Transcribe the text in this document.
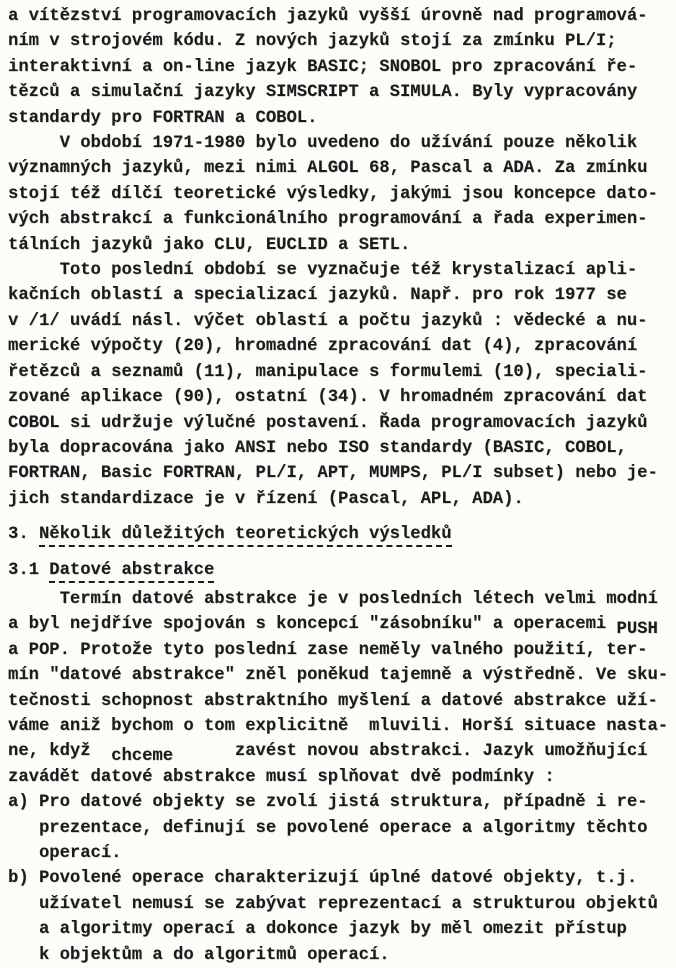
a vítězství programovacích jazyků vyšší úrovně nad programová-
ním v strojovém kódu. Z nových jazyků stojí za zmínku PL/I;
interaktivní a on-line jazyk BASIC; SNOBOL pro zpracování ře-
tězců a simulační jazyky SIMSCRIPT a SIMULA. Byly vypracovány
standardy pro FORTRAN a COBOL.
V období 1971-1980 bylo uvedeno do užívání pouze několik
významných jazyků, mezi nimi ALGOL 68, Pascal a ADA. Za zmínku
stojí též dílčí teoretické výsledky, jakými jsou koncepce dato-
vých abstrakcí a funkcionálního programování a řada experimen-
tálních jazyků jako CLU, EUCLID a SETL.
Toto poslední období se vyznačuje též krystalizací apli-
kačních oblastí a specializací jazyků. Např. pro rok 1977 se
v /1/ uvádí násl. výčet oblastí a počtu jazyků : vědecké a nu-
merické výpočty (20), hromadné zpracování dat (4), zpracování
řetězců a seznamů (11), manipulace s formulemi (10), speciali-
zované aplikace (90), ostatní (34). V hromadném zpracování dat
COBOL si udržuje výlučné postavení. Řada programovacích jazyků
byla dopracována jako ANSI nebo ISO standardy (BASIC, COBOL,
FORTRAN, Basic FORTRAN, PL/I, APT, MUMPS, PL/I subset) nebo je-
jich standardizace je v řízení (Pascal, APL, ADA).
3. Několik důležitých teoretických výsledků
3.1 Datové abstrakce
Termín datové abstrakce je v posledních létech velmi modní
a byl nejdříve spojován s koncepcí "zásobníku" a operacemi PUSH
a POP. Protože tyto poslední zase neměly valného použití, ter-
mín "datové abstrakce" zněl poněkud tajemně a výstředně. Ve sku-
tečnosti schopnost abstraktního myšlení a datové abstrakce uží-
váme aniž bychom o tom explicitně  mluvili. Horší situace nasta-
ne, když  chceme      zavést novou abstrakci. Jazyk umožňující
zavádět datové abstrakce musí splňovat dvě podmínky :
a) Pro datové objekty se zvolí jistá struktura, případně i re-
prezentace, definují se povolené operace a algoritmy těchto
operací.
b) Povolené operace charakterizují úplné datové objekty, t.j.
užívatel nemusí se zabývat reprezentací a strukturou objektů
a algoritmy operací a dokonce jazyk by měl omezit přístup
k objektům a do algoritmů operací.
